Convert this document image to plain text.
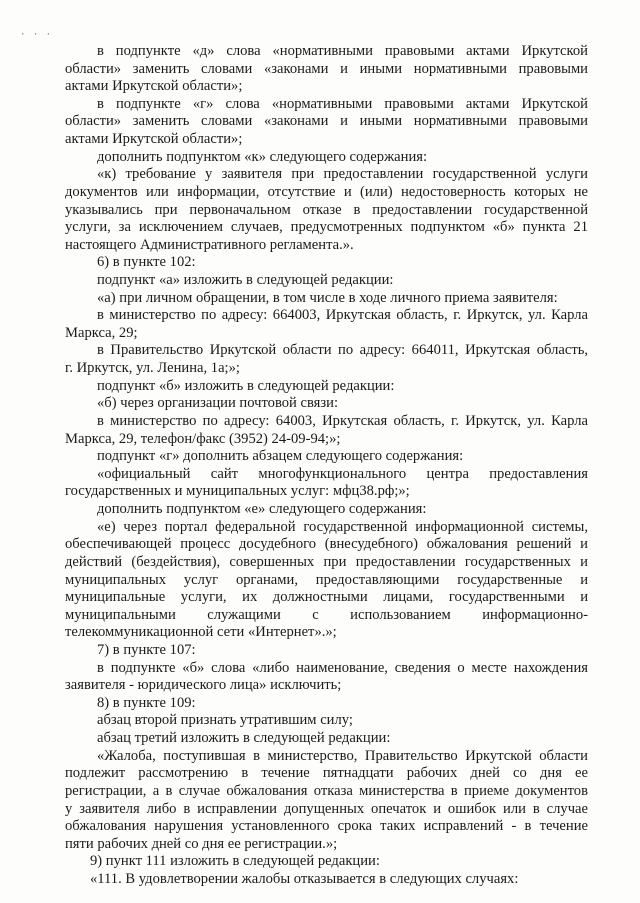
· · ·
в подпункте «д» слова «нормативными правовыми актами Иркутской
области» заменить словами «законами и иными нормативными правовыми
актами Иркутской области»;
в подпункте «г» слова «нормативными правовыми актами Иркутской
области» заменить словами «законами и иными нормативными правовыми
актами Иркутской области»;
дополнить подпунктом «к» следующего содержания:
«к) требование у заявителя при предоставлении государственной услуги
документов или информации, отсутствие и (или) недостоверность которых не
указывались при первоначальном отказе в предоставлении государственной
услуги, за исключением случаев, предусмотренных подпунктом «б» пункта 21
настоящего Административного регламента.».
6) в пункте 102:
подпункт «а» изложить в следующей редакции:
«а) при личном обращении, в том числе в ходе личного приема заявителя:
в министерство по адресу: 664003, Иркутская область, г. Иркутск, ул. Карла
Маркса, 29;
в Правительство Иркутской области по адресу: 664011, Иркутская область,
г. Иркутск, ул. Ленина, 1а;»;
подпункт «б» изложить в следующей редакции:
«б) через организации почтовой связи:
в министерство по адресу: 64003, Иркутская область, г. Иркутск, ул. Карла
Маркса, 29, телефон/факс (3952) 24-09-94;»;
подпункт «г» дополнить абзацем следующего содержания:
«официальный сайт многофункционального центра предоставления
государственных и муниципальных услуг: мфц38.рф;»;
дополнить подпунктом «е» следующего содержания:
«е) через портал федеральной государственной информационной системы,
обеспечивающей процесс досудебного (внесудебного) обжалования решений и
действий (бездействия), совершенных при предоставлении государственных и
муниципальных услуг органами, предоставляющими государственные и
муниципальные услуги, их должностными лицами, государственными и
муниципальными служащими с использованием информационно-
телекоммуникационной сети «Интернет».»;
7) в пункте 107:
в подпункте «б» слова «либо наименование, сведения о месте нахождения
заявителя - юридического лица» исключить;
8) в пункте 109:
абзац второй признать утратившим силу;
абзац третий изложить в следующей редакции:
«Жалоба, поступившая в министерство, Правительство Иркутской области
подлежит рассмотрению в течение пятнадцати рабочих дней со дня ее
регистрации, а в случае обжалования отказа министерства в приеме документов
у заявителя либо в исправлении допущенных опечаток и ошибок или в случае
обжалования нарушения установленного срока таких исправлений - в течение
пяти рабочих дней со дня ее регистрации.»;
9) пункт 111 изложить в следующей редакции:
«111. В удовлетворении жалобы отказывается в следующих случаях:
